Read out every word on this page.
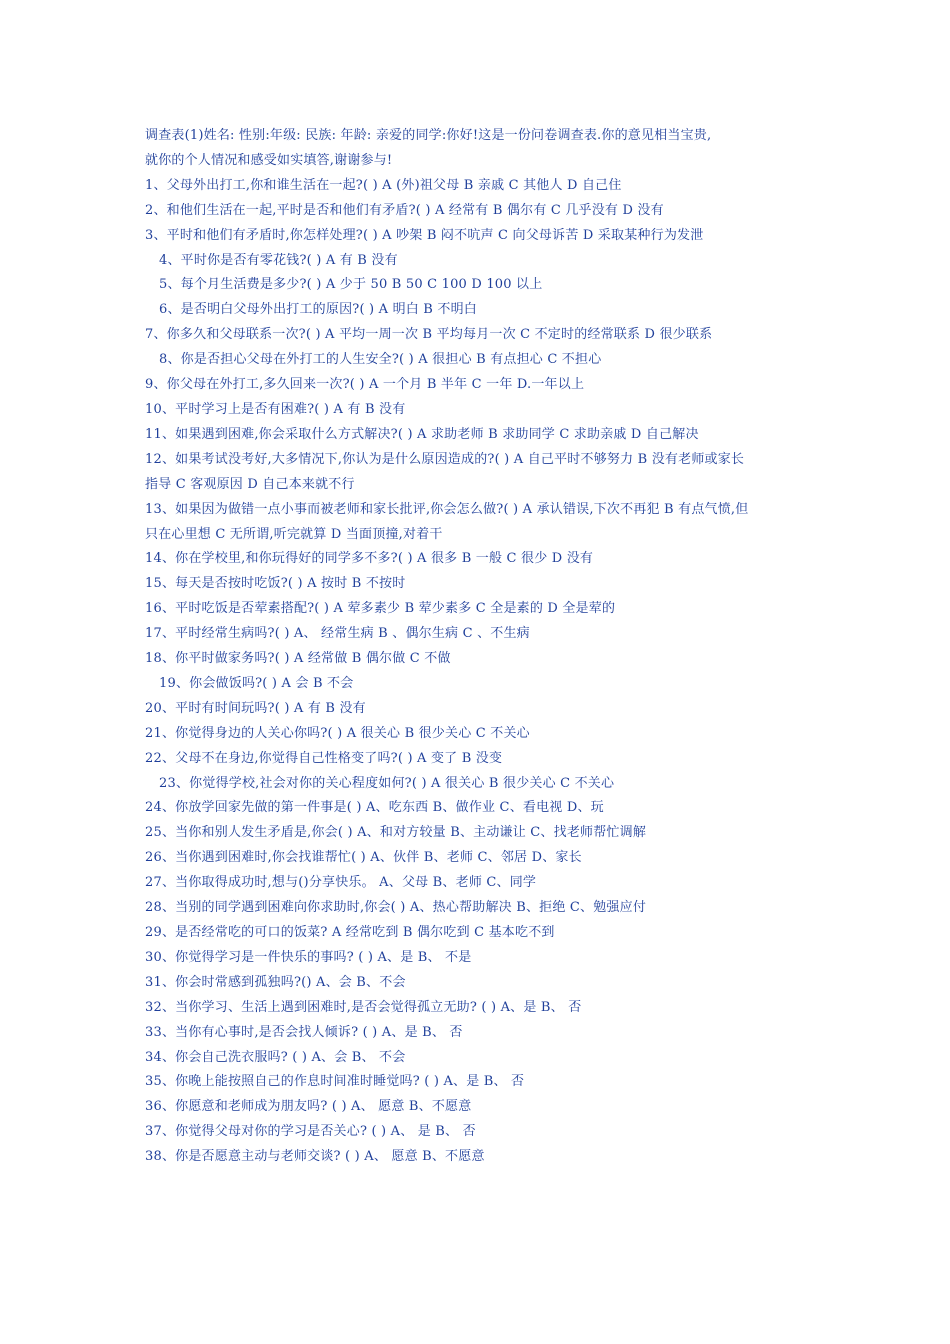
调查表(1)姓名: 性别:年级: 民族: 年龄: 亲爱的同学:你好!这是一份问卷调查表.你的意见相当宝贵,
就你的个人情况和感受如实填答,谢谢参与!
1、父母外出打工,你和谁生活在一起?( ) A (外)祖父母 B 亲戚 C 其他人 D 自己住
2、和他们生活在一起,平时是否和他们有矛盾?( ) A 经常有 B 偶尔有 C 几乎没有 D 没有
3、平时和他们有矛盾时,你怎样处理?( ) A 吵架 B 闷不吭声 C 向父母诉苦 D 采取某种行为发泄
4、平时你是否有零花钱?( ) A 有 B 没有
5、每个月生活费是多少?( ) A 少于 50 B 50 C 100 D 100 以上
6、是否明白父母外出打工的原因?( ) A 明白 B 不明白
7、你多久和父母联系一次?( ) A 平均一周一次 B 平均每月一次 C 不定时的经常联系 D 很少联系
8、你是否担心父母在外打工的人生安全?( ) A 很担心 B 有点担心 C 不担心
9、你父母在外打工,多久回来一次?( ) A 一个月 B 半年 C 一年 D.一年以上
10、平时学习上是否有困难?( ) A 有 B 没有
11、如果遇到困难,你会采取什么方式解决?( ) A 求助老师 B 求助同学 C 求助亲戚 D 自己解决
12、如果考试没考好,大多情况下,你认为是什么原因造成的?( ) A 自己平时不够努力 B 没有老师或家长
指导 C 客观原因 D 自己本来就不行
13、如果因为做错一点小事而被老师和家长批评,你会怎么做?( ) A 承认错误,下次不再犯 B 有点气愤,但
只在心里想 C 无所谓,听完就算 D 当面顶撞,对着干
14、你在学校里,和你玩得好的同学多不多?( ) A 很多 B 一般 C 很少 D 没有
15、每天是否按时吃饭?( ) A 按时 B 不按时
16、平时吃饭是否荤素搭配?( ) A 荤多素少 B 荤少素多 C 全是素的 D 全是荤的
17、平时经常生病吗?( ) A、 经常生病 B 、偶尔生病 C 、不生病
18、你平时做家务吗?( ) A 经常做 B 偶尔做 C 不做
19、你会做饭吗?( ) A 会 B 不会
20、平时有时间玩吗?( ) A 有 B 没有
21、你觉得身边的人关心你吗?( ) A 很关心 B 很少关心 C 不关心
22、父母不在身边,你觉得自己性格变了吗?( ) A 变了 B 没变
23、你觉得学校,社会对你的关心程度如何?( ) A 很关心 B 很少关心 C 不关心
24、你放学回家先做的第一件事是( ) A、吃东西 B、做作业 C、看电视 D、玩
25、当你和别人发生矛盾是,你会( ) A、和对方较量 B、主动谦让 C、找老师帮忙调解
26、当你遇到困难时,你会找谁帮忙( ) A、伙伴 B、老师 C、邻居 D、家长
27、当你取得成功时,想与()分享快乐。 A、父母 B、老师 C、同学
28、当别的同学遇到困难向你求助时,你会( ) A、热心帮助解决 B、拒绝 C、勉强应付
29、是否经常吃的可口的饭菜? A 经常吃到 B 偶尔吃到 C 基本吃不到
30、你觉得学习是一件快乐的事吗? ( ) A、是 B、 不是
31、你会时常感到孤独吗?() A、会 B、不会
32、当你学习、生活上遇到困难时,是否会觉得孤立无助? ( ) A、是 B、 否
33、当你有心事时,是否会找人倾诉? ( ) A、是 B、 否
34、你会自己洗衣服吗? ( ) A、会 B、 不会
35、你晚上能按照自己的作息时间准时睡觉吗? ( ) A、是 B、 否
36、你愿意和老师成为朋友吗? ( ) A、 愿意 B、不愿意
37、你觉得父母对你的学习是否关心? ( ) A、 是 B、 否
38、你是否愿意主动与老师交谈? ( ) A、 愿意 B、不愿意
